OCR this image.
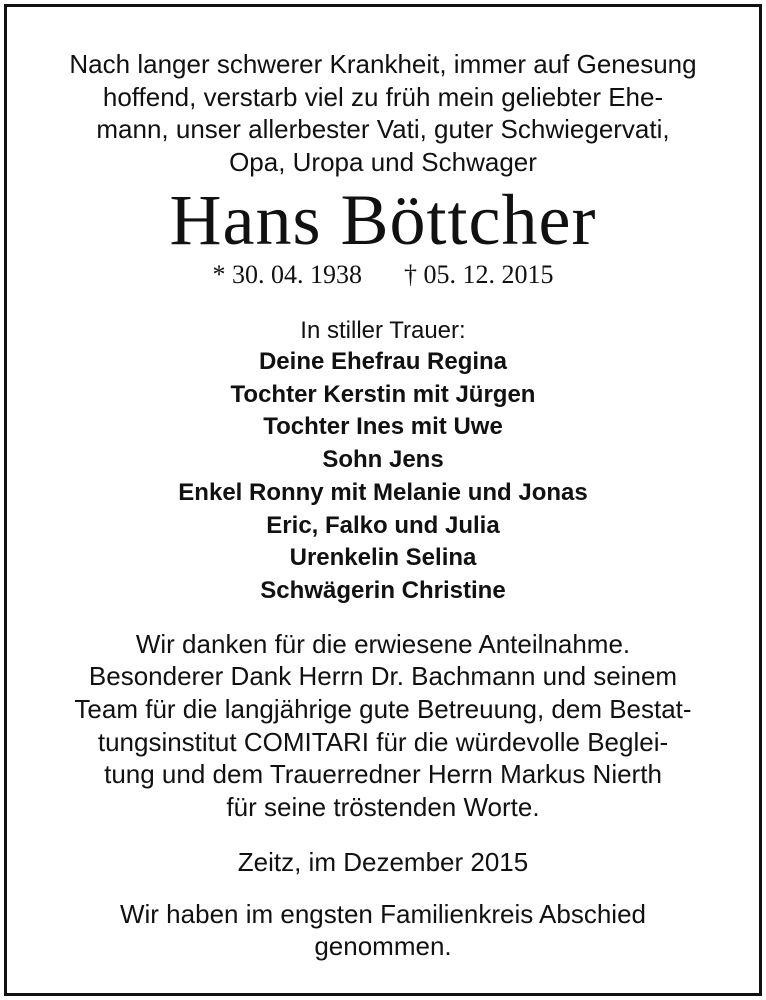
Nach langer schwerer Krankheit, immer auf Genesung
hoffend, verstarb viel zu früh mein geliebter Ehe-
mann, unser allerbester Vati, guter Schwiegervati,
Opa, Uropa und Schwager
Hans Böttcher
* 30. 04. 1938 † 05. 12. 2015
In stiller Trauer:
Deine Ehefrau Regina
Tochter Kerstin mit Jürgen
Tochter Ines mit Uwe
Sohn Jens
Enkel Ronny mit Melanie und Jonas
Eric, Falko und Julia
Urenkelin Selina
Schwägerin Christine
Wir danken für die erwiesene Anteilnahme.
Besonderer Dank Herrn Dr. Bachmann und seinem
Team für die langjährige gute Betreuung, dem Bestat-
tungsinstitut COMITARI für die würdevolle Beglei-
tung und dem Trauerredner Herrn Markus Nierth
für seine tröstenden Worte.
Zeitz, im Dezember 2015
Wir haben im engsten Familienkreis Abschied
genommen.
